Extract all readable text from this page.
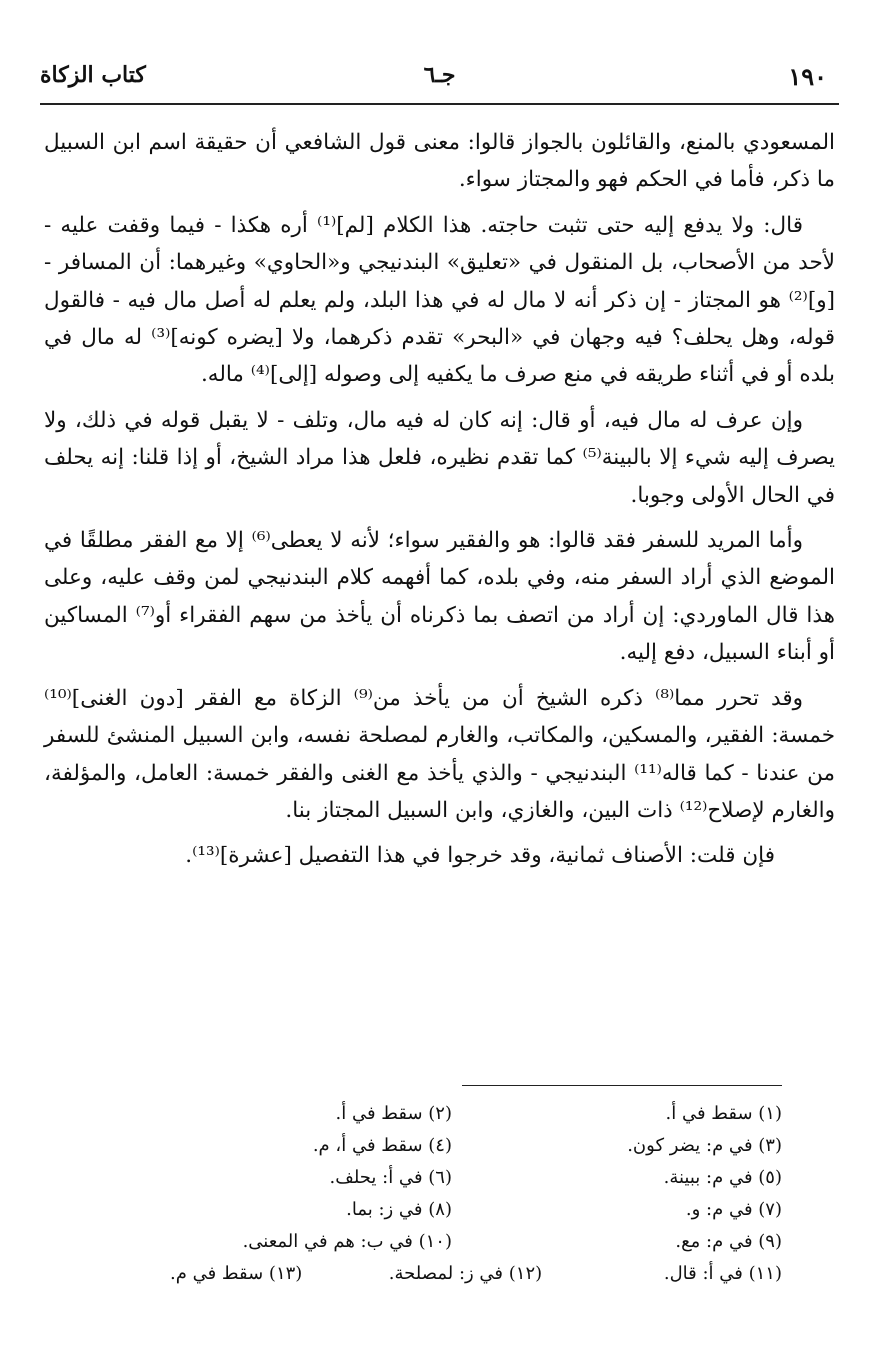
١٩٠
جـ٦
كتاب الزكاة

المسعودي بالمنع، والقائلون بالجواز قالوا: معنى قول الشافعي أن حقيقة اسم ابن السبيل ما ذكر، فأما في الحكم فهو والمجتاز سواء.

قال: ولا يدفع إليه حتى تثبت حاجته. هذا الكلام [لم]⁽¹⁾ أره هكذا - فيما وقفت عليه - لأحد من الأصحاب، بل المنقول في «تعليق» البندنيجي و«الحاوي» وغيرهما: أن المسافر - [و]⁽²⁾ هو المجتاز - إن ذكر أنه لا مال له في هذا البلد، ولم يعلم له أصل مال فيه - فالقول قوله، وهل يحلف؟ فيه وجهان في «البحر» تقدم ذكرهما، ولا [يضره كونه]⁽³⁾ له مال في بلده أو في أثناء طريقه في منع صرف ما يكفيه إلى وصوله [إلى]⁽⁴⁾ ماله.

وإن عرف له مال فيه، أو قال: إنه كان له فيه مال، وتلف - لا يقبل قوله في ذلك، ولا يصرف إليه شيء إلا بالبينة⁽⁵⁾ كما تقدم نظيره، فلعل هذا مراد الشيخ، أو إذا قلنا: إنه يحلف في الحال الأولى وجوبا.

وأما المريد للسفر فقد قالوا: هو والفقير سواء؛ لأنه لا يعطى⁽⁶⁾ إلا مع الفقر مطلقًا في الموضع الذي أراد السفر منه، وفي بلده، كما أفهمه كلام البندنيجي لمن وقف عليه، وعلى هذا قال الماوردي: إن أراد من اتصف بما ذكرناه أن يأخذ من سهم الفقراء أو⁽⁷⁾ المساكين أو أبناء السبيل، دفع إليه.

وقد تحرر مما⁽⁸⁾ ذكره الشيخ أن من يأخذ من⁽⁹⁾ الزكاة مع الفقر [دون الغنى]⁽¹⁰⁾ خمسة: الفقير، والمسكين، والمكاتب، والغارم لمصلحة نفسه، وابن السبيل المنشئ للسفر من عندنا - كما قاله⁽¹¹⁾ البندنيجي - والذي يأخذ مع الغنى والفقر خمسة: العامل، والمؤلفة، والغارم لإصلاح⁽¹²⁾ ذات البين، والغازي، وابن السبيل المجتاز بنا.

فإن قلت: الأصناف ثمانية، وقد خرجوا في هذا التفصيل [عشرة]⁽¹³⁾.

(١) سقط في أ.
(٢) سقط في أ.
(٣) في م: يضر كون.
(٤) سقط في أ، م.
(٥) في م: ببينة.
(٦) في أ: يحلف.
(٧) في م: و.
(٨) في ز: بما.
(٩) في م: مع.
(١٠) في ب: هم في المعنى.
(١١) في أ: قال.
(١٢) في ز: لمصلحة.
(١٣) سقط في م.
